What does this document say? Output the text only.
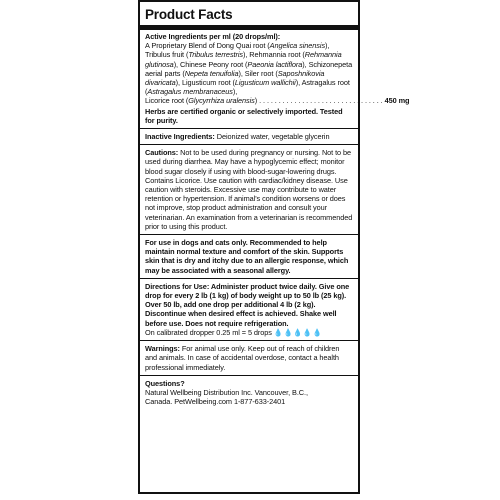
Product Facts
Active Ingredients per ml (20 drops/ml):
A Proprietary Blend of Dong Quai root (Angelica sinensis), Tribulus fruit (Tribulus terrestris), Rehmannia root (Rehmannia glutinosa), Chinese Peony root (Paeonia lactiflora), Schizonepeta aerial parts (Nepeta tenuifolia), Siler root (Saposhnikovia divaricata), Ligusticum root (Ligusticum wallichii), Astragalus root (Astragalus membranaceus),
Licorice root (Glycyrrhiza uralensis) . . . . . . . . . . . . . . . . . . . . . . . . . . . . . . . . 450 mg
Herbs are certified organic or selectively imported. Tested for purity.
Inactive Ingredients: Deionized water, vegetable glycerin
Cautions: Not to be used during pregnancy or nursing. Not to be used during diarrhea. May have a hypoglycemic effect; monitor blood sugar closely if using with blood-sugar-lowering drugs. Contains Licorice. Use caution with cardiac/kidney disease. Use caution with steroids. Excessive use may contribute to water retention or hypertension. If animal's condition worsens or does not improve, stop product administration and consult your veterinarian. An examination from a veterinarian is recommended prior to using this product.
For use in dogs and cats only. Recommended to help maintain normal texture and comfort of the skin. Supports skin that is dry and itchy due to an allergic response, which may be associated with a seasonal allergy.
Directions for Use: Administer product twice daily. Give one drop for every 2 lb (1 kg) of body weight up to 50 lb (25 kg). Over 50 lb, add one drop per additional 4 lb (2 kg). Discontinue when desired effect is achieved. Shake well before use. Does not require refrigeration.
On calibrated dropper 0.25 ml = 5 drops 💧💧💧💧💧
Warnings: For animal use only. Keep out of reach of children and animals. In case of accidental overdose, contact a health professional immediately.
Questions?
Natural Wellbeing Distribution Inc. Vancouver, B.C.,
Canada. PetWellbeing.com 1-877-633-2401
